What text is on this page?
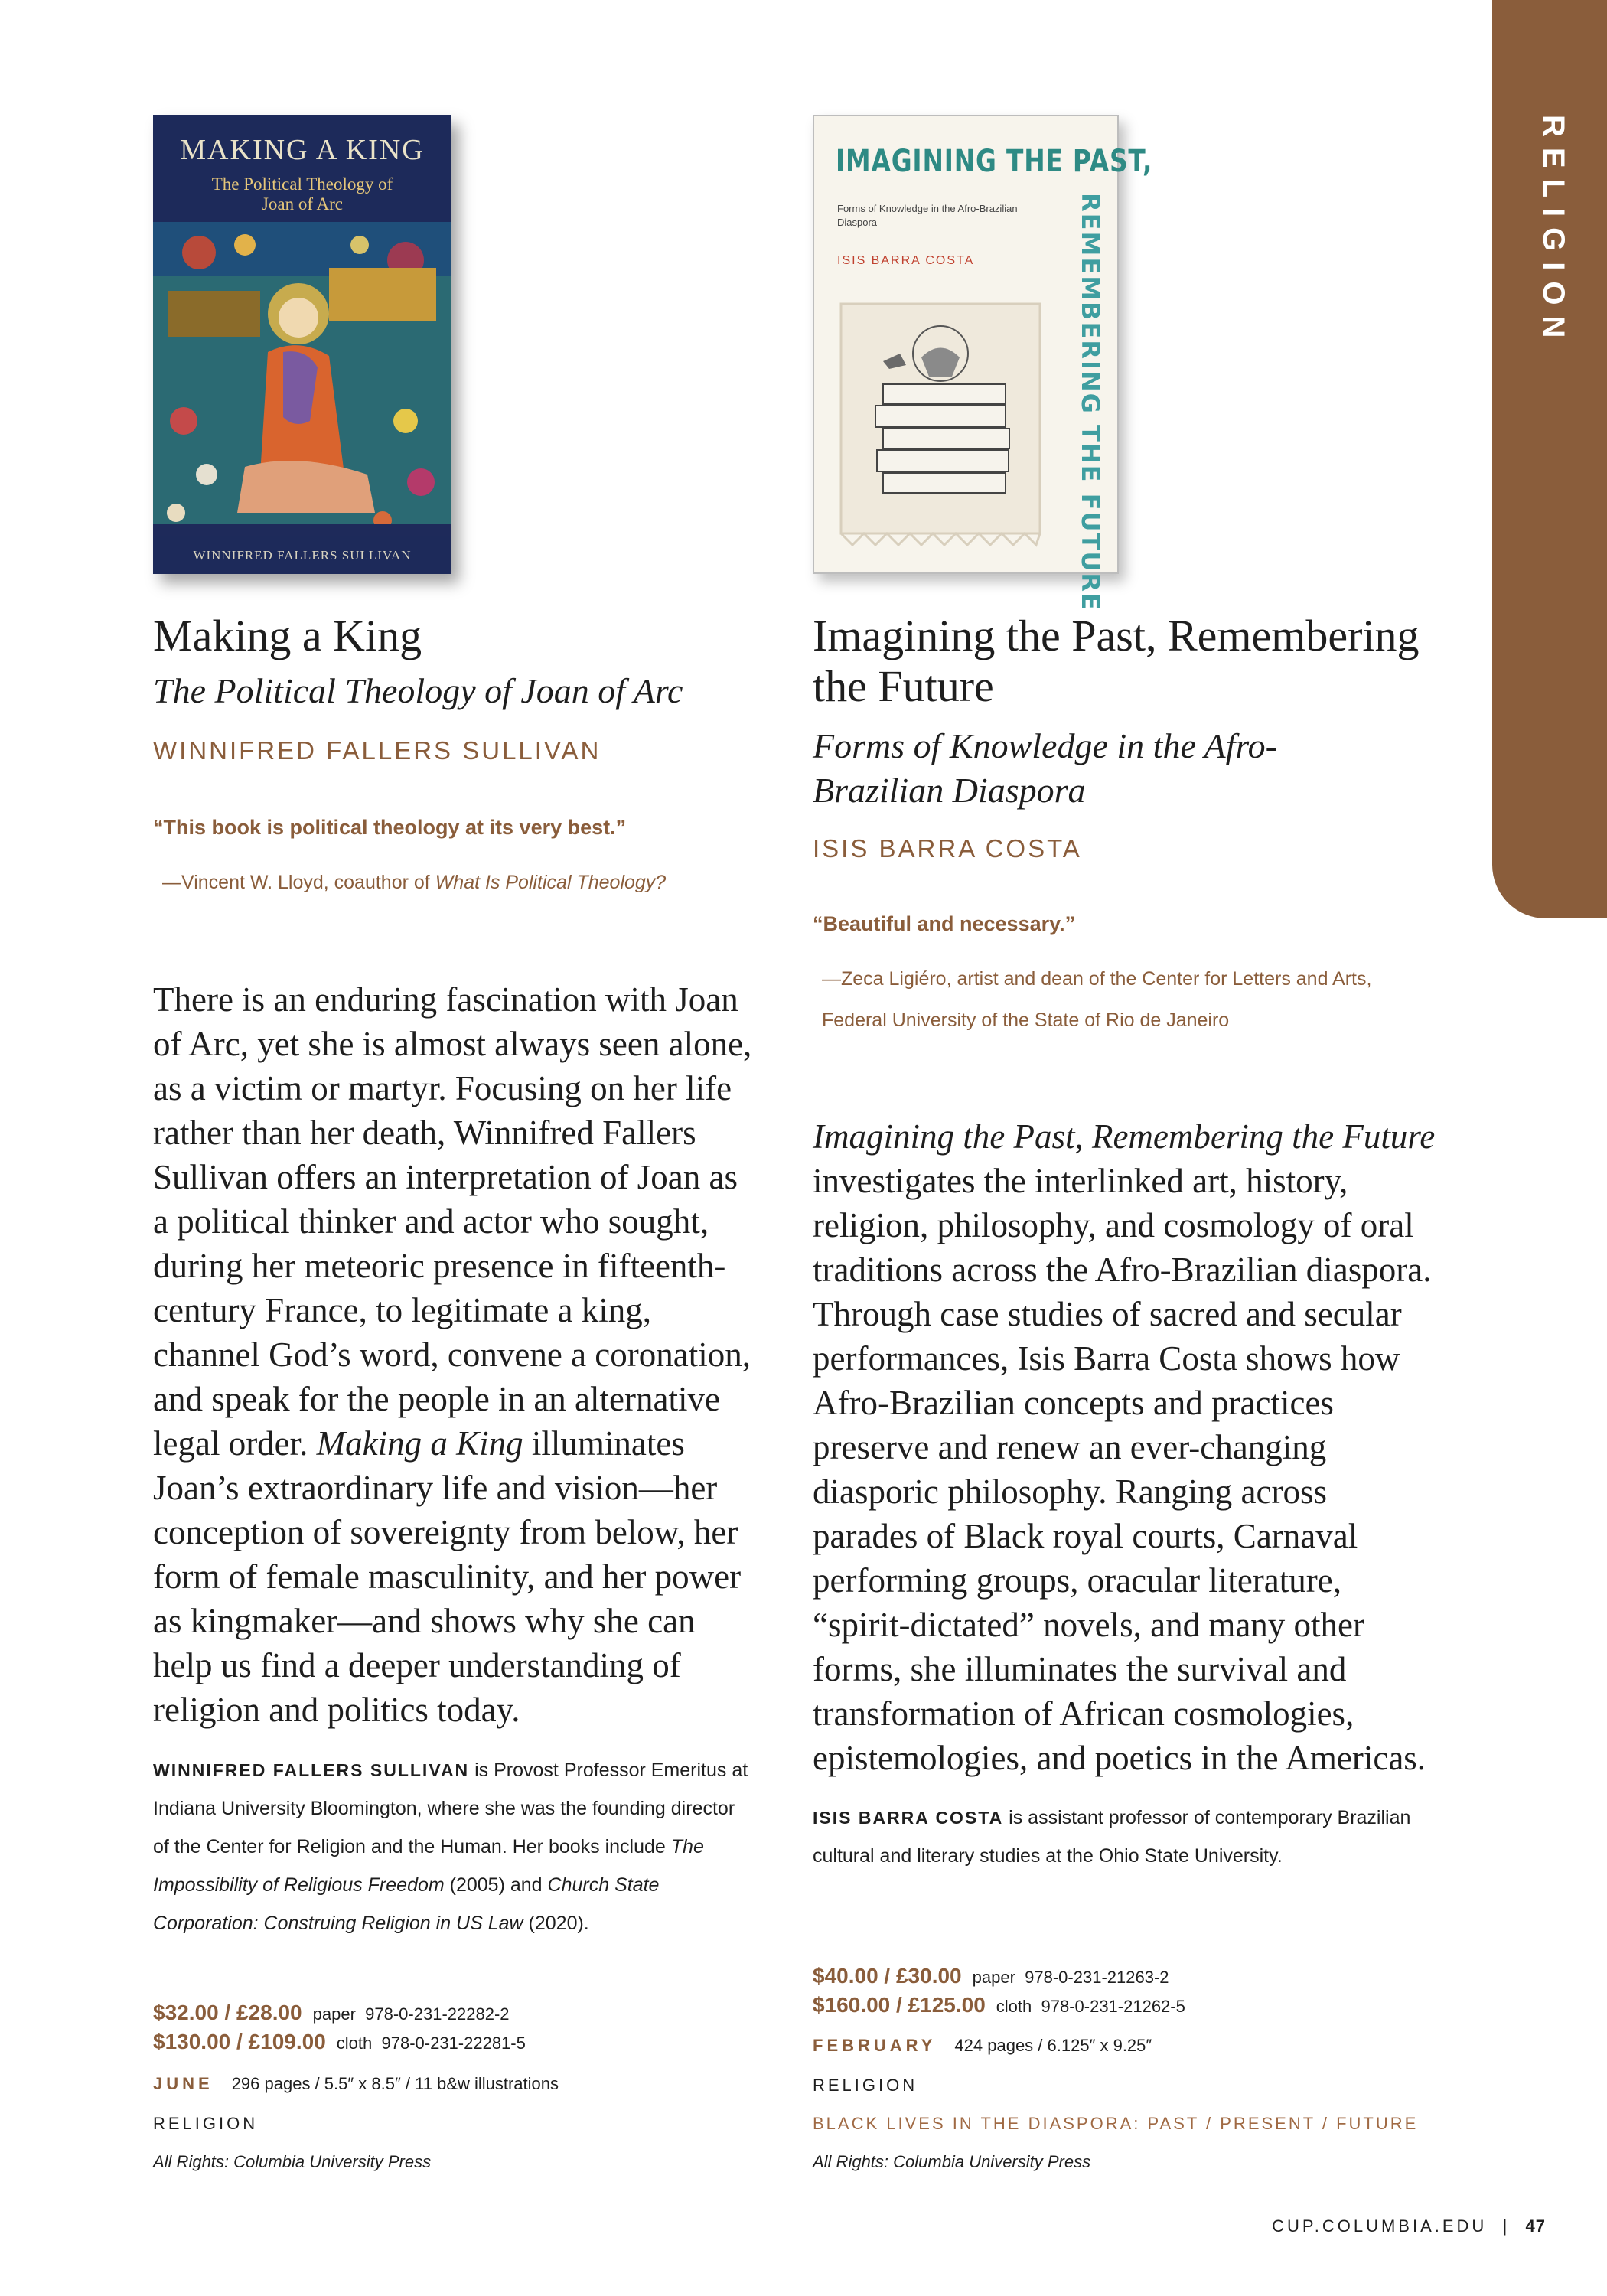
RELIGION
MAKING A KING
The Political Theology of Joan of Arc
WINNIFRED FALLERS SULLIVAN
Making a King
The Political Theology of Joan of Arc
WINNIFRED FALLERS SULLIVAN
“This book is political theology at its very best.”
—Vincent W. Lloyd, coauthor of What Is Political Theology?
There is an enduring fascination with Joan of Arc, yet she is almost always seen alone, as a victim or martyr. Focusing on her life rather than her death, Winnifred Fallers Sullivan offers an interpretation of Joan as a political thinker and actor who sought, during her meteoric presence in fifteenth-century France, to legitimate a king, channel God’s word, convene a coronation, and speak for the people in an alternative legal order. Making a King illuminates Joan’s extraordinary life and vision—her conception of sovereignty from below, her form of female masculinity, and her power as kingmaker—and shows why she can help us find a deeper understanding of religion and politics today.
WINNIFRED FALLERS SULLIVAN is Provost Professor Emeritus at Indiana University Bloomington, where she was the founding director of the Center for Religion and the Human. Her books include The Impossibility of Religious Freedom (2005) and Church State Corporation: Construing Religion in US Law (2020).
$32.00 / £28.00 paper 978-0-231-22282-2
$130.00 / £109.00 cloth 978-0-231-22281-5
JUNE 296 pages / 5.5″ x 8.5″ / 11 b&w illustrations
RELIGION
All Rights: Columbia University Press
IMAGINING THE PAST,
Forms of Knowledge in the Afro-Brazilian Diaspora
ISIS BARRA COSTA	REMEMBERING THE FUTURE
Imagining the Past, Remembering the Future
Forms of Knowledge in the Afro-Brazilian Diaspora
ISIS BARRA COSTA
“Beautiful and necessary.”
—Zeca Ligiéro, artist and dean of the Center for Letters and Arts, Federal University of the State of Rio de Janeiro
Imagining the Past, Remembering the Future investigates the interlinked art, history, religion, philosophy, and cosmology of oral traditions across the Afro-Brazilian diaspora. Through case studies of sacred and secular performances, Isis Barra Costa shows how Afro-Brazilian concepts and practices preserve and renew an ever-changing diasporic philosophy. Ranging across parades of Black royal courts, Carnaval performing groups, oracular literature, “spirit-dictated” novels, and many other forms, she illuminates the survival and transformation of African cosmologies, epistemologies, and poetics in the Americas.
ISIS BARRA COSTA is assistant professor of contemporary Brazilian cultural and literary studies at the Ohio State University.
$40.00 / £30.00 paper 978-0-231-21263-2
$160.00 / £125.00 cloth 978-0-231-21262-5
FEBRUARY 424 pages / 6.125″ x 9.25″
RELIGION
BLACK LIVES IN THE DIASPORA: PAST / PRESENT / FUTURE
All Rights: Columbia University Press
CUP.COLUMBIA.EDU | 47
